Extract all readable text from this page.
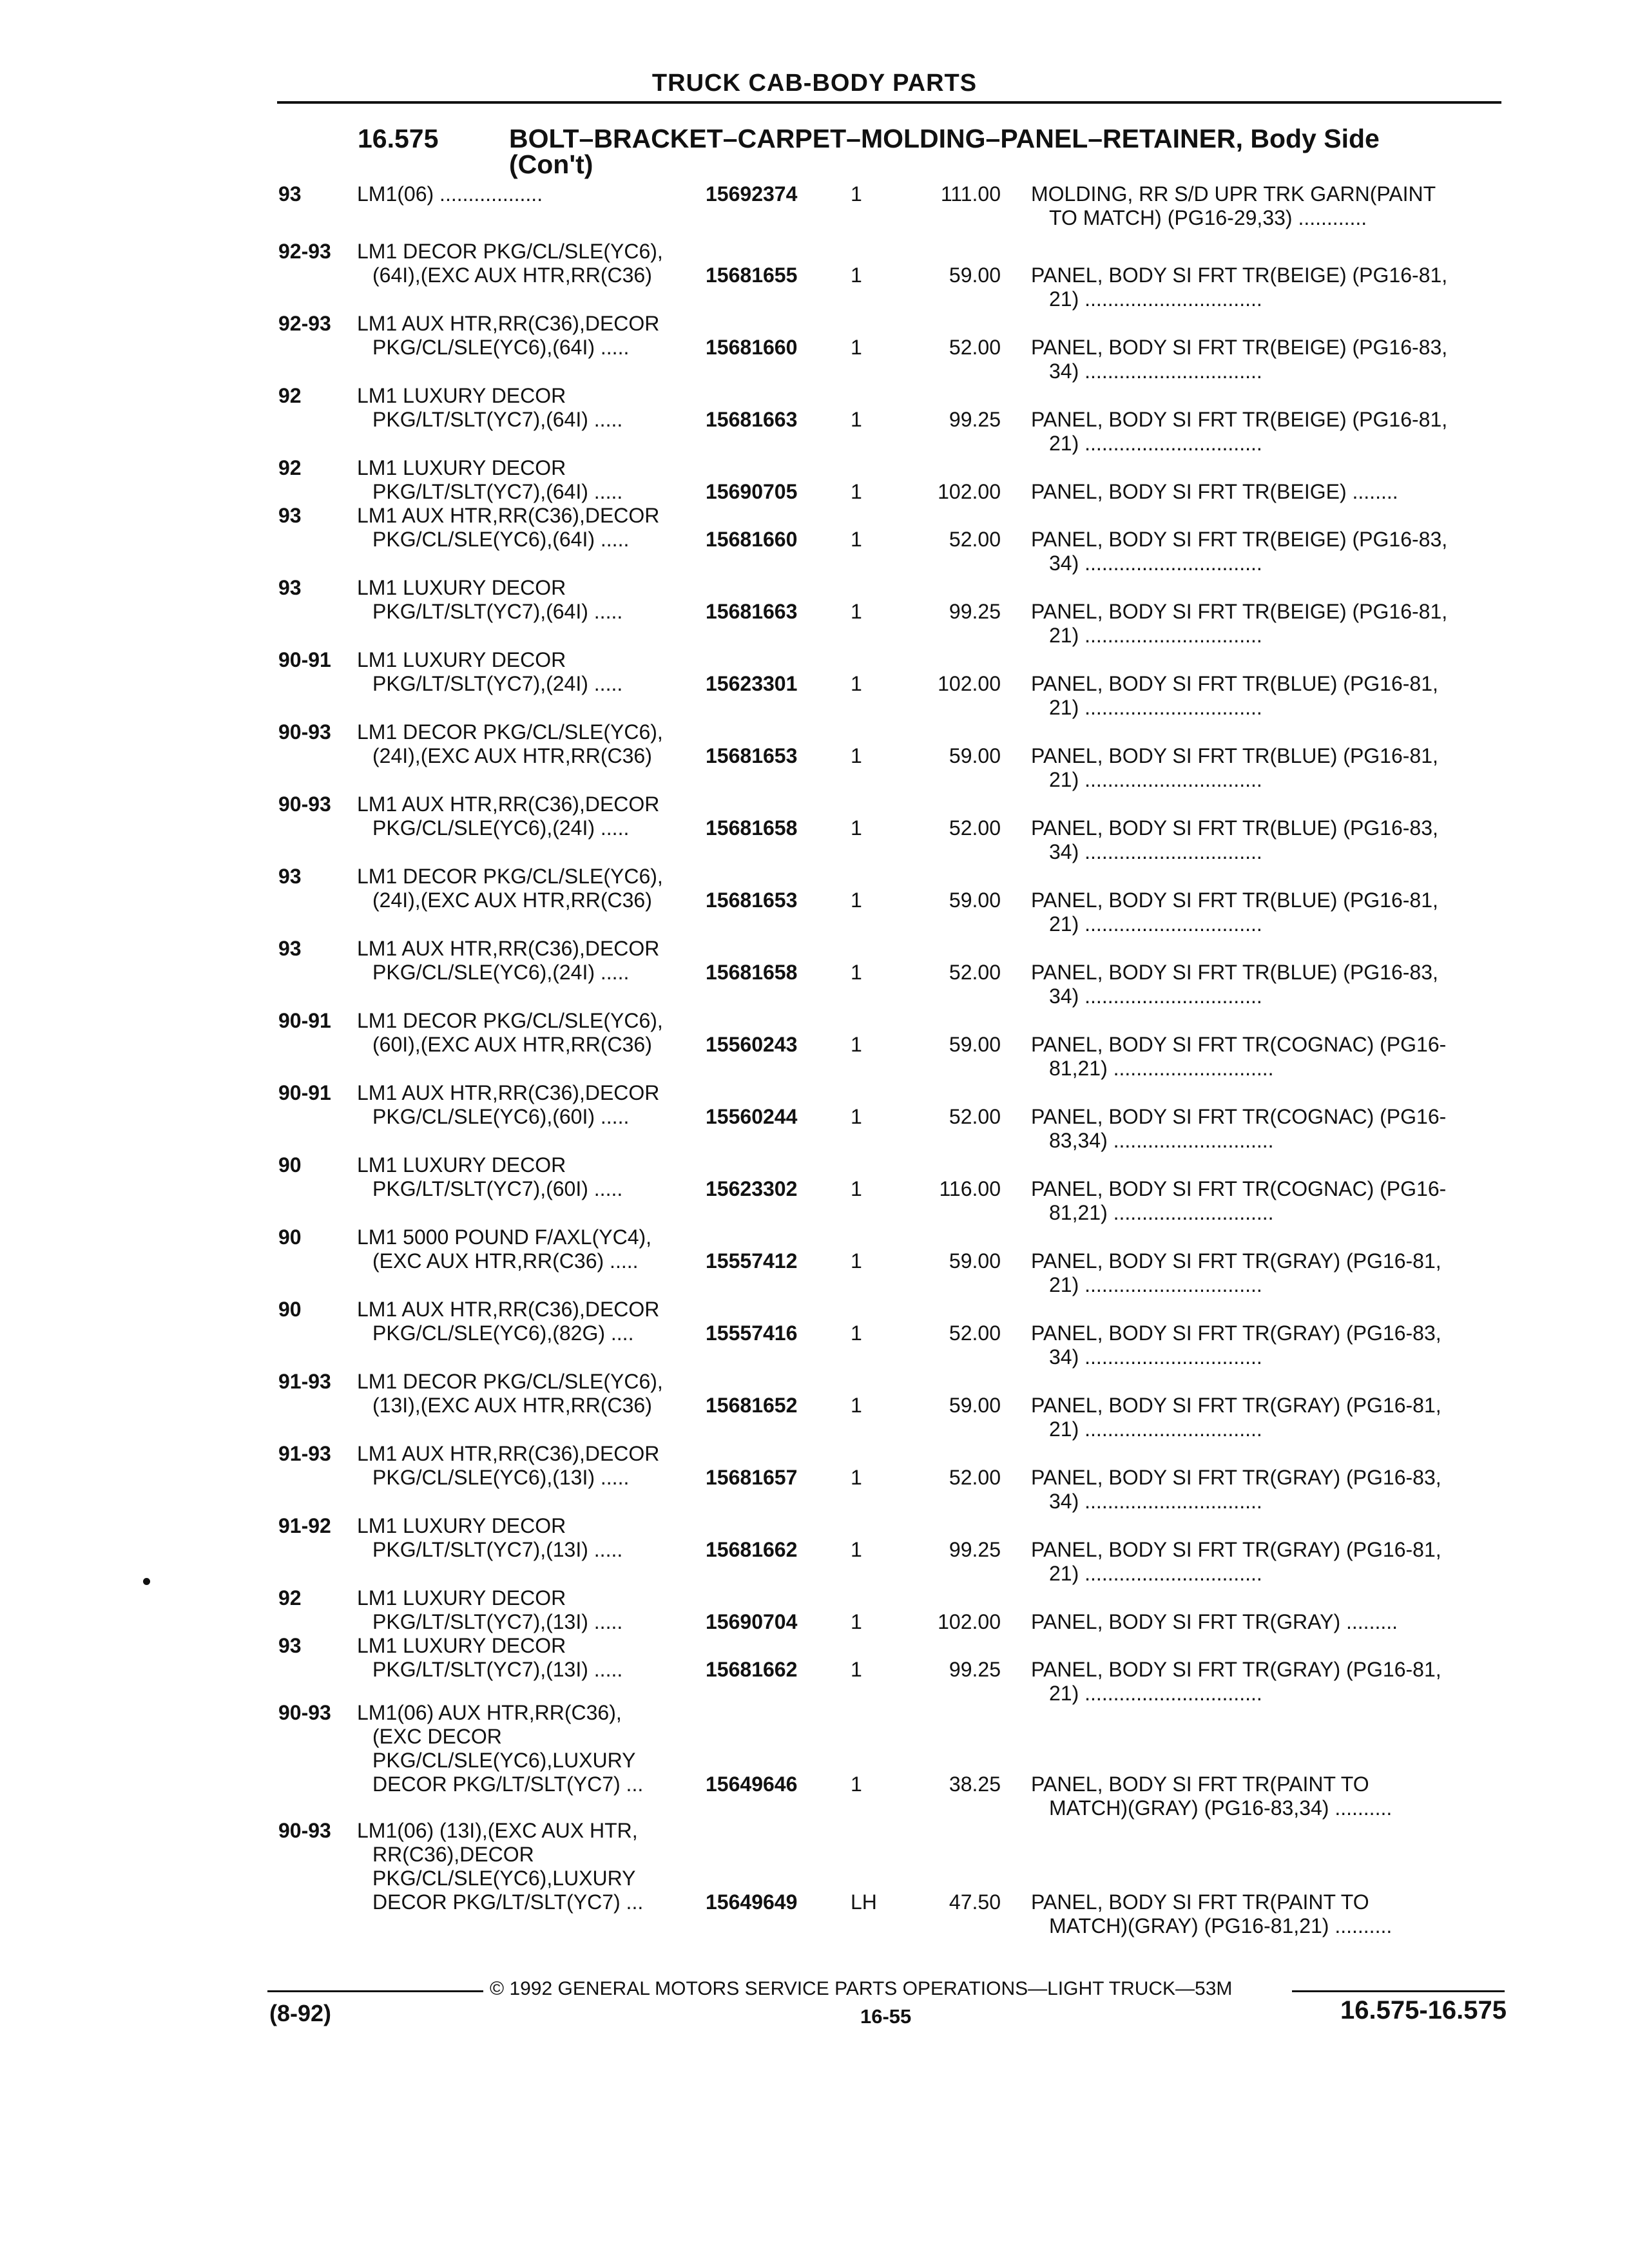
TRUCK CAB-BODY PARTS
16.575	BOLT–BRACKET–CARPET–MOLDING–PANEL–RETAINER, Body Side
(Con't)
93	LM1(06) ..................	15692374	1	111.00 MOLDING, RR S/D UPR TRK GARN(PAINT
TO MATCH) (PG16-29,33) ............
92-93 LM1 DECOR PKG/CL/SLE(YC6),
(64I),(EXC AUX HTR,RR(C36)	15681655	1	59.00 PANEL, BODY SI FRT TR(BEIGE) (PG16-81,
21) ...............................
92-93 LM1 AUX HTR,RR(C36),DECOR
PKG/CL/SLE(YC6),(64I) .....	15681660	1	52.00 PANEL, BODY SI FRT TR(BEIGE) (PG16-83,
34) ...............................
92	LM1 LUXURY DECOR
PKG/LT/SLT(YC7),(64I) .....	15681663	1	99.25 PANEL, BODY SI FRT TR(BEIGE) (PG16-81,
21) ...............................
92	LM1 LUXURY DECOR
PKG/LT/SLT(YC7),(64I) .....	15690705	1	102.00 PANEL, BODY SI FRT TR(BEIGE) ........
93	LM1 AUX HTR,RR(C36),DECOR
PKG/CL/SLE(YC6),(64I) .....	15681660	1	52.00 PANEL, BODY SI FRT TR(BEIGE) (PG16-83,
34) ...............................
93	LM1 LUXURY DECOR
PKG/LT/SLT(YC7),(64I) .....	15681663	1	99.25 PANEL, BODY SI FRT TR(BEIGE) (PG16-81,
21) ...............................
90-91 LM1 LUXURY DECOR
PKG/LT/SLT(YC7),(24I) .....	15623301	1	102.00 PANEL, BODY SI FRT TR(BLUE) (PG16-81,
21) ...............................
90-93 LM1 DECOR PKG/CL/SLE(YC6),
(24I),(EXC AUX HTR,RR(C36)	15681653	1	59.00 PANEL, BODY SI FRT TR(BLUE) (PG16-81,
21) ...............................
90-93 LM1 AUX HTR,RR(C36),DECOR
PKG/CL/SLE(YC6),(24I) .....	15681658	1	52.00 PANEL, BODY SI FRT TR(BLUE) (PG16-83,
34) ...............................
93	LM1 DECOR PKG/CL/SLE(YC6),
(24I),(EXC AUX HTR,RR(C36)	15681653	1	59.00 PANEL, BODY SI FRT TR(BLUE) (PG16-81,
21) ...............................
93	LM1 AUX HTR,RR(C36),DECOR
PKG/CL/SLE(YC6),(24I) .....	15681658	1	52.00 PANEL, BODY SI FRT TR(BLUE) (PG16-83,
34) ...............................
90-91 LM1 DECOR PKG/CL/SLE(YC6),
(60I),(EXC AUX HTR,RR(C36)	15560243	1	59.00 PANEL, BODY SI FRT TR(COGNAC) (PG16-
81,21) ............................
90-91 LM1 AUX HTR,RR(C36),DECOR
PKG/CL/SLE(YC6),(60I) .....	15560244	1	52.00 PANEL, BODY SI FRT TR(COGNAC) (PG16-
83,34) ............................
90	LM1 LUXURY DECOR
PKG/LT/SLT(YC7),(60I) .....	15623302	1	116.00 PANEL, BODY SI FRT TR(COGNAC) (PG16-
81,21) ............................
90	LM1 5000 POUND F/AXL(YC4),
(EXC AUX HTR,RR(C36) .....	15557412	1	59.00 PANEL, BODY SI FRT TR(GRAY) (PG16-81,
21) ...............................
90	LM1 AUX HTR,RR(C36),DECOR
PKG/CL/SLE(YC6),(82G) ....	15557416	1	52.00 PANEL, BODY SI FRT TR(GRAY) (PG16-83,
34) ...............................
91-93 LM1 DECOR PKG/CL/SLE(YC6),
(13I),(EXC AUX HTR,RR(C36)	15681652	1	59.00 PANEL, BODY SI FRT TR(GRAY) (PG16-81,
21) ...............................
91-93 LM1 AUX HTR,RR(C36),DECOR
PKG/CL/SLE(YC6),(13I) .....	15681657	1	52.00 PANEL, BODY SI FRT TR(GRAY) (PG16-83,
34) ...............................
91-92 LM1 LUXURY DECOR
PKG/LT/SLT(YC7),(13I) .....	15681662	1	99.25 PANEL, BODY SI FRT TR(GRAY) (PG16-81,
21) ...............................
92	LM1 LUXURY DECOR
PKG/LT/SLT(YC7),(13I) .....	15690704	1	102.00 PANEL, BODY SI FRT TR(GRAY) .........
93	LM1 LUXURY DECOR
PKG/LT/SLT(YC7),(13I) .....	15681662	1	99.25 PANEL, BODY SI FRT TR(GRAY) (PG16-81,
21) ...............................
90-93 LM1(06) AUX HTR,RR(C36),
(EXC DECOR
PKG/CL/SLE(YC6),LUXURY
DECOR PKG/LT/SLT(YC7) ...	15649646	1	38.25 PANEL, BODY SI FRT TR(PAINT TO
MATCH)(GRAY) (PG16-83,34) ..........
90-93 LM1(06) (13I),(EXC AUX HTR,
RR(C36),DECOR
PKG/CL/SLE(YC6),LUXURY
DECOR PKG/LT/SLT(YC7) ...	15649649	LH	47.50 PANEL, BODY SI FRT TR(PAINT TO
MATCH)(GRAY) (PG16-81,21) ..........
© 1992 GENERAL MOTORS SERVICE PARTS OPERATIONS—LIGHT TRUCK—53M
(8-92)	16-55	16.575-16.575
